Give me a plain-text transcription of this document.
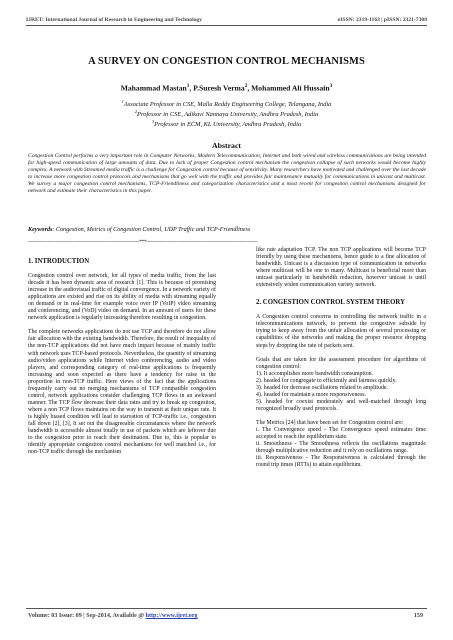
IJRET: International Journal of Research in Engineering and Technology	eISSN: 2319-1163 | pISSN: 2321-7308
A SURVEY ON CONGESTION CONTROL MECHANISMS
Mahammad Mastan$^1$, P.Suresh Verma$^2$, Mohammed Ali Hussain$^3$
$^1$Associate Professor in CSE, Malla Reddy Engineering College, Telangana, India
$^2$Professor in CSE, Adikavi Nannaya University, Andhra Pradesh, India
$^3$Professor in ECM, KL University, Andhra Pradesh, India
Abstract
Congestion Control performs a very important role in Computer Networks, Modern Telecommunication, Internet and both wired and wireless communications are being intended for high-speed communication of large amounts of data. Due to lack of proper Congestion control mechanism the congestion collapse of such networks would become highly complex. A network with Streamed media traffic is a challenge for Congestion control because of sensitivity. Many researchers have motivated and challenged over the last decade to increase more congestion control protocols and mechanisms that go well with the traffic and provides fair maintenance mutually for communications in unicast and multicast. We survey a major congestion control mechanisms, TCP-Friendliness and categorization characteristics and a most recent for congestion control mechanisms designed for network and estimate their characteristics in this paper.
Keywords: Congestion, Metrics of Congestion Control, UDP Traffic and TCP-Friendliness
--------------------------------------------------------------------***--------------------------------------------------------------------
1. INTRODUCTION

Congestion control over network, for all types of media traffic, from the last decade it has been dynamic area of research [1]. This is because of promising increase in the audiovisual traffic of digital convergence. In a network variety of applications are existed and rise on its ability of media with streaming equally on demand or in real-time for example voice over IP (VoIP) video streaming and conferencing, and (VoD) video on demand. In an amount of users for these network application is regularly increasing therefore resulting in congestion.

The complete networks applications do not use TCP and therefore do not allow fair allocation with the existing bandwidth. Therefore, the result of inequality of the non-TCP applications did not have much impact because of mainly traffic with network uses TCP-based protocols. Nevertheless, the quantity of streaming audio/video applications while Internet video conferencing, audio and video players, and corresponding category of real-time applications is frequently increasing and soon expected as there have a tendency for raise in the proportion in non-TCP traffic. Here views of the fact that the applications frequently carry out no merging mechanisms of TCP compatible congestion control, network applications consider challenging TCP flows in an awkward manner. The TCP flow decrease their data rates and try to break up congestion, where a non TCP flows maintains on the way to transmit at their unique rate. It is highly biased condition will lead to starvation of TCP-traffic i.e., congestion fall down [2], [3], It set out the disagreeable circumstances where the network bandwidth is accessible almost totally in use of packets which are leftover due to the congestion prior to reach their destination. Due to, this is popular to identify appropriate congestion control mechanisms for well matched i.e., for non-TCP traffic through the mechanism

like rate adaptation TCP. The non TCP applications will become TCP friendly by using these mechanisms, hence guide to a fine allocation of bandwidth. Unicast is a discussion type of communication in networks where multicast will be one to many. Multicast is beneficial more than unicast particularly in bandwidth reduction, however unicast is until extensively widen communication variety network.

2. CONGESTION CONTROL SYSTEM THEORY

A Congestion control concerns in controlling the network traffic in a telecommunications network, to prevent the congestive subside by trying to keep away from the unfair allocation of several processing or capabilities of the networks and making the proper resource dropping steps by dropping the rate of packets sent.

Goals that are taken for the assessment procedure for algorithms of congestion control:

1). It accomplishes more bandwidth consumption.
2). headed for congregate to efficiently and fairness quickly.
3). headed for decrease oscillations related to amplitude.
4). headed for maintain a more responsiveness.
5). headed for coexist moderately and well-matched through long recognized broadly used protocols.

The Metrics [24] that have been set for Congestion control are:

i. The Convergence speed - The Convergence speed estimates time accepted to reach the equilibrium state.
ii. Smoothness - The Smoothness reflects the oscillations magnitude through multiplicative reduction and it rely on oscillations range.
iii. Responsiveness - The Responsiveness is calculated through the round trip times (RTTs) to attain equilibrium.
Volume: 03 Issue: 09 | Sep-2014, Available @ http://www.ijret.org	159
